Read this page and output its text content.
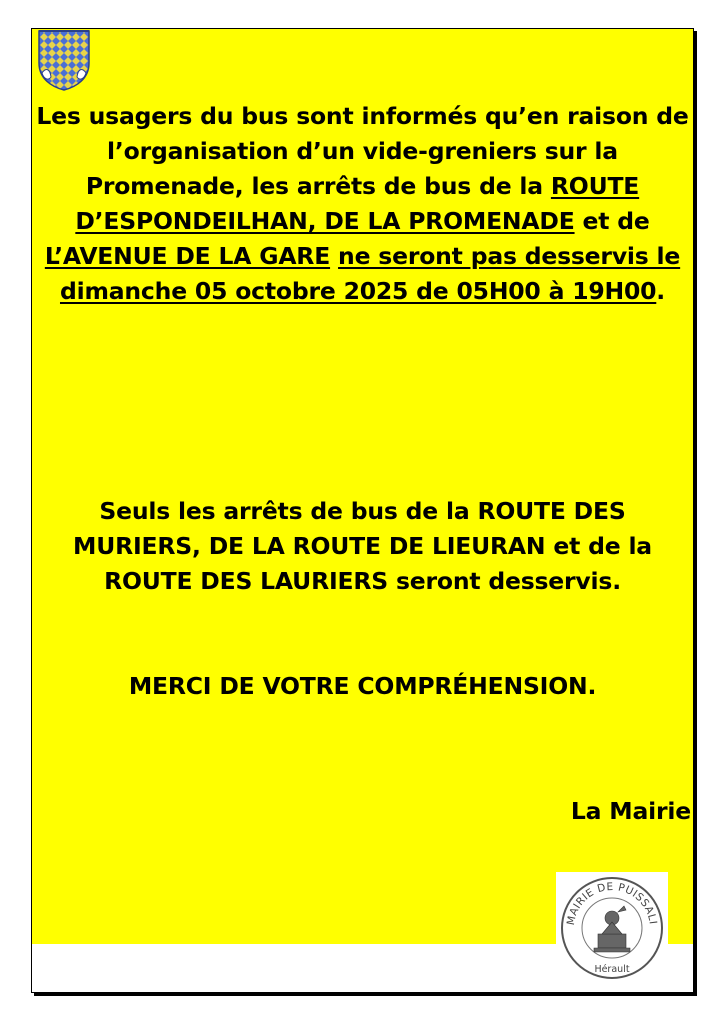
Les usagers du bus sont informés qu’en raison de l’organisation d’un vide-greniers sur la Promenade, les arrêts de bus de la ROUTE D’ESPONDEILHAN, DE LA PROMENADE et de L’AVENUE DE LA GARE ne seront pas desservis le dimanche 05 octobre 2025 de 05H00 à 19H00.

Seuls les arrêts de bus de la ROUTE DES MURIERS, DE LA ROUTE DE LIEURAN et de la ROUTE DES LAURIERS seront desservis.

MERCI DE VOTRE COMPRÉHENSION.

La Mairie

MAIRIE DE PUISSALI
Hérault
